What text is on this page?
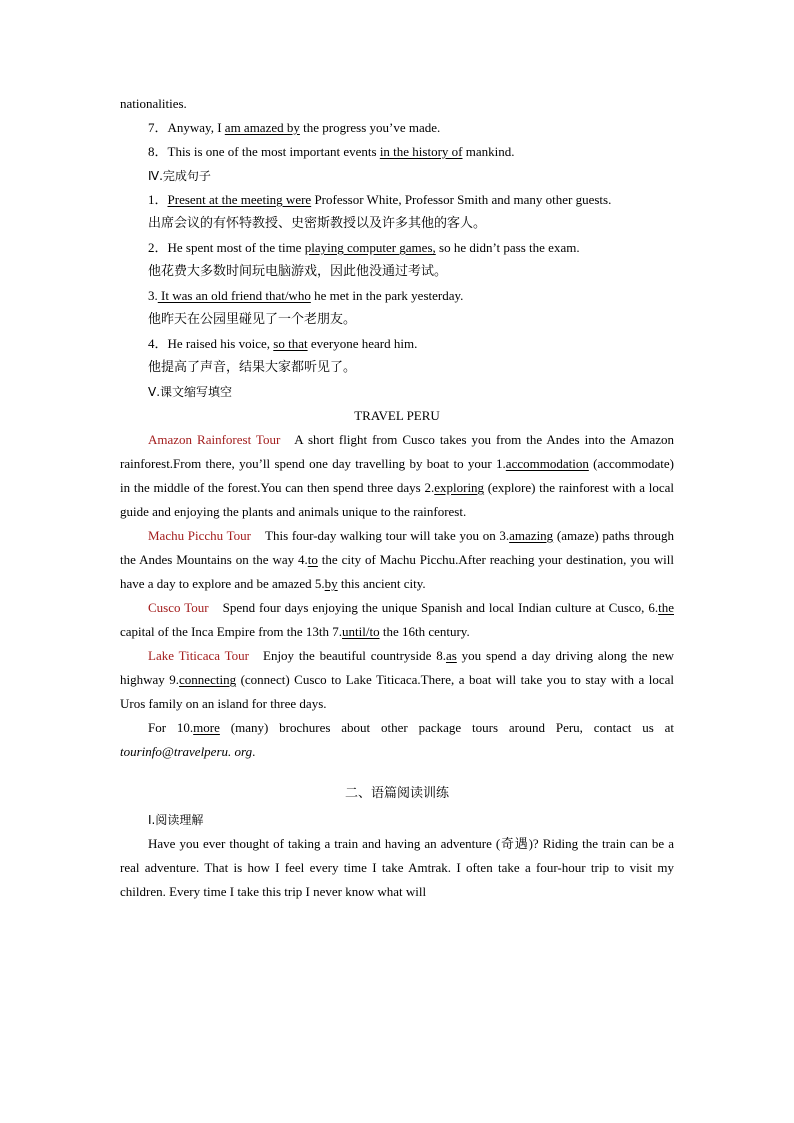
nationalities.

7．Anyway, I am amazed by the progress you’ve made.

8．This is one of the most important events in the history of mankind.

Ⅳ.完成句子

1．Present at the meeting were Professor White, Professor Smith and many other guests.

出席会议的有怀特教授、史密斯教授以及许多其他的客人。

2．He spent most of the time playing computer games, so he didn’t pass the exam.

他花费大多数时间玩电脑游戏，因此他没通过考试。

3. It was an old friend that/who he met in the park yesterday.

他昨天在公园里碰见了一个老朋友。

4．He raised his voice, so that everyone heard him.

他提高了声音，结果大家都听见了。

Ⅴ.课文缩写填空

TRAVEL PERU

Amazon Rainforest Tour A short flight from Cusco takes you from the Andes into the Amazon rainforest.From there, you’ll spend one day travelling by boat to your 1.accommodation (accommodate) in the middle of the forest.You can then spend three days 2.exploring (explore) the rainforest with a local guide and enjoying the plants and animals unique to the rainforest.

Machu Picchu Tour This four-day walking tour will take you on 3.amazing (amaze) paths through the Andes Mountains on the way 4.to the city of Machu Picchu.After reaching your destination, you will have a day to explore and be amazed 5.by this ancient city.

Cusco Tour Spend four days enjoying the unique Spanish and local Indian culture at Cusco, 6.the capital of the Inca Empire from the 13th 7.until/to the 16th century.

Lake Titicaca Tour Enjoy the beautiful countryside 8.as you spend a day driving along the new highway 9.connecting (connect) Cusco to Lake Titicaca.There, a boat will take you to stay with a local Uros family on an island for three days.

For 10.more (many) brochures about other package tours around Peru, contact us at tourinfo@travelperu. org.

二、语篇阅读训练

Ⅰ.阅读理解

Have you ever thought of taking a train and having an adventure (奇遇)? Riding the train can be a real adventure. That is how I feel every time I take Amtrak. I often take a four-hour trip to visit my children. Every time I take this trip I never know what will
